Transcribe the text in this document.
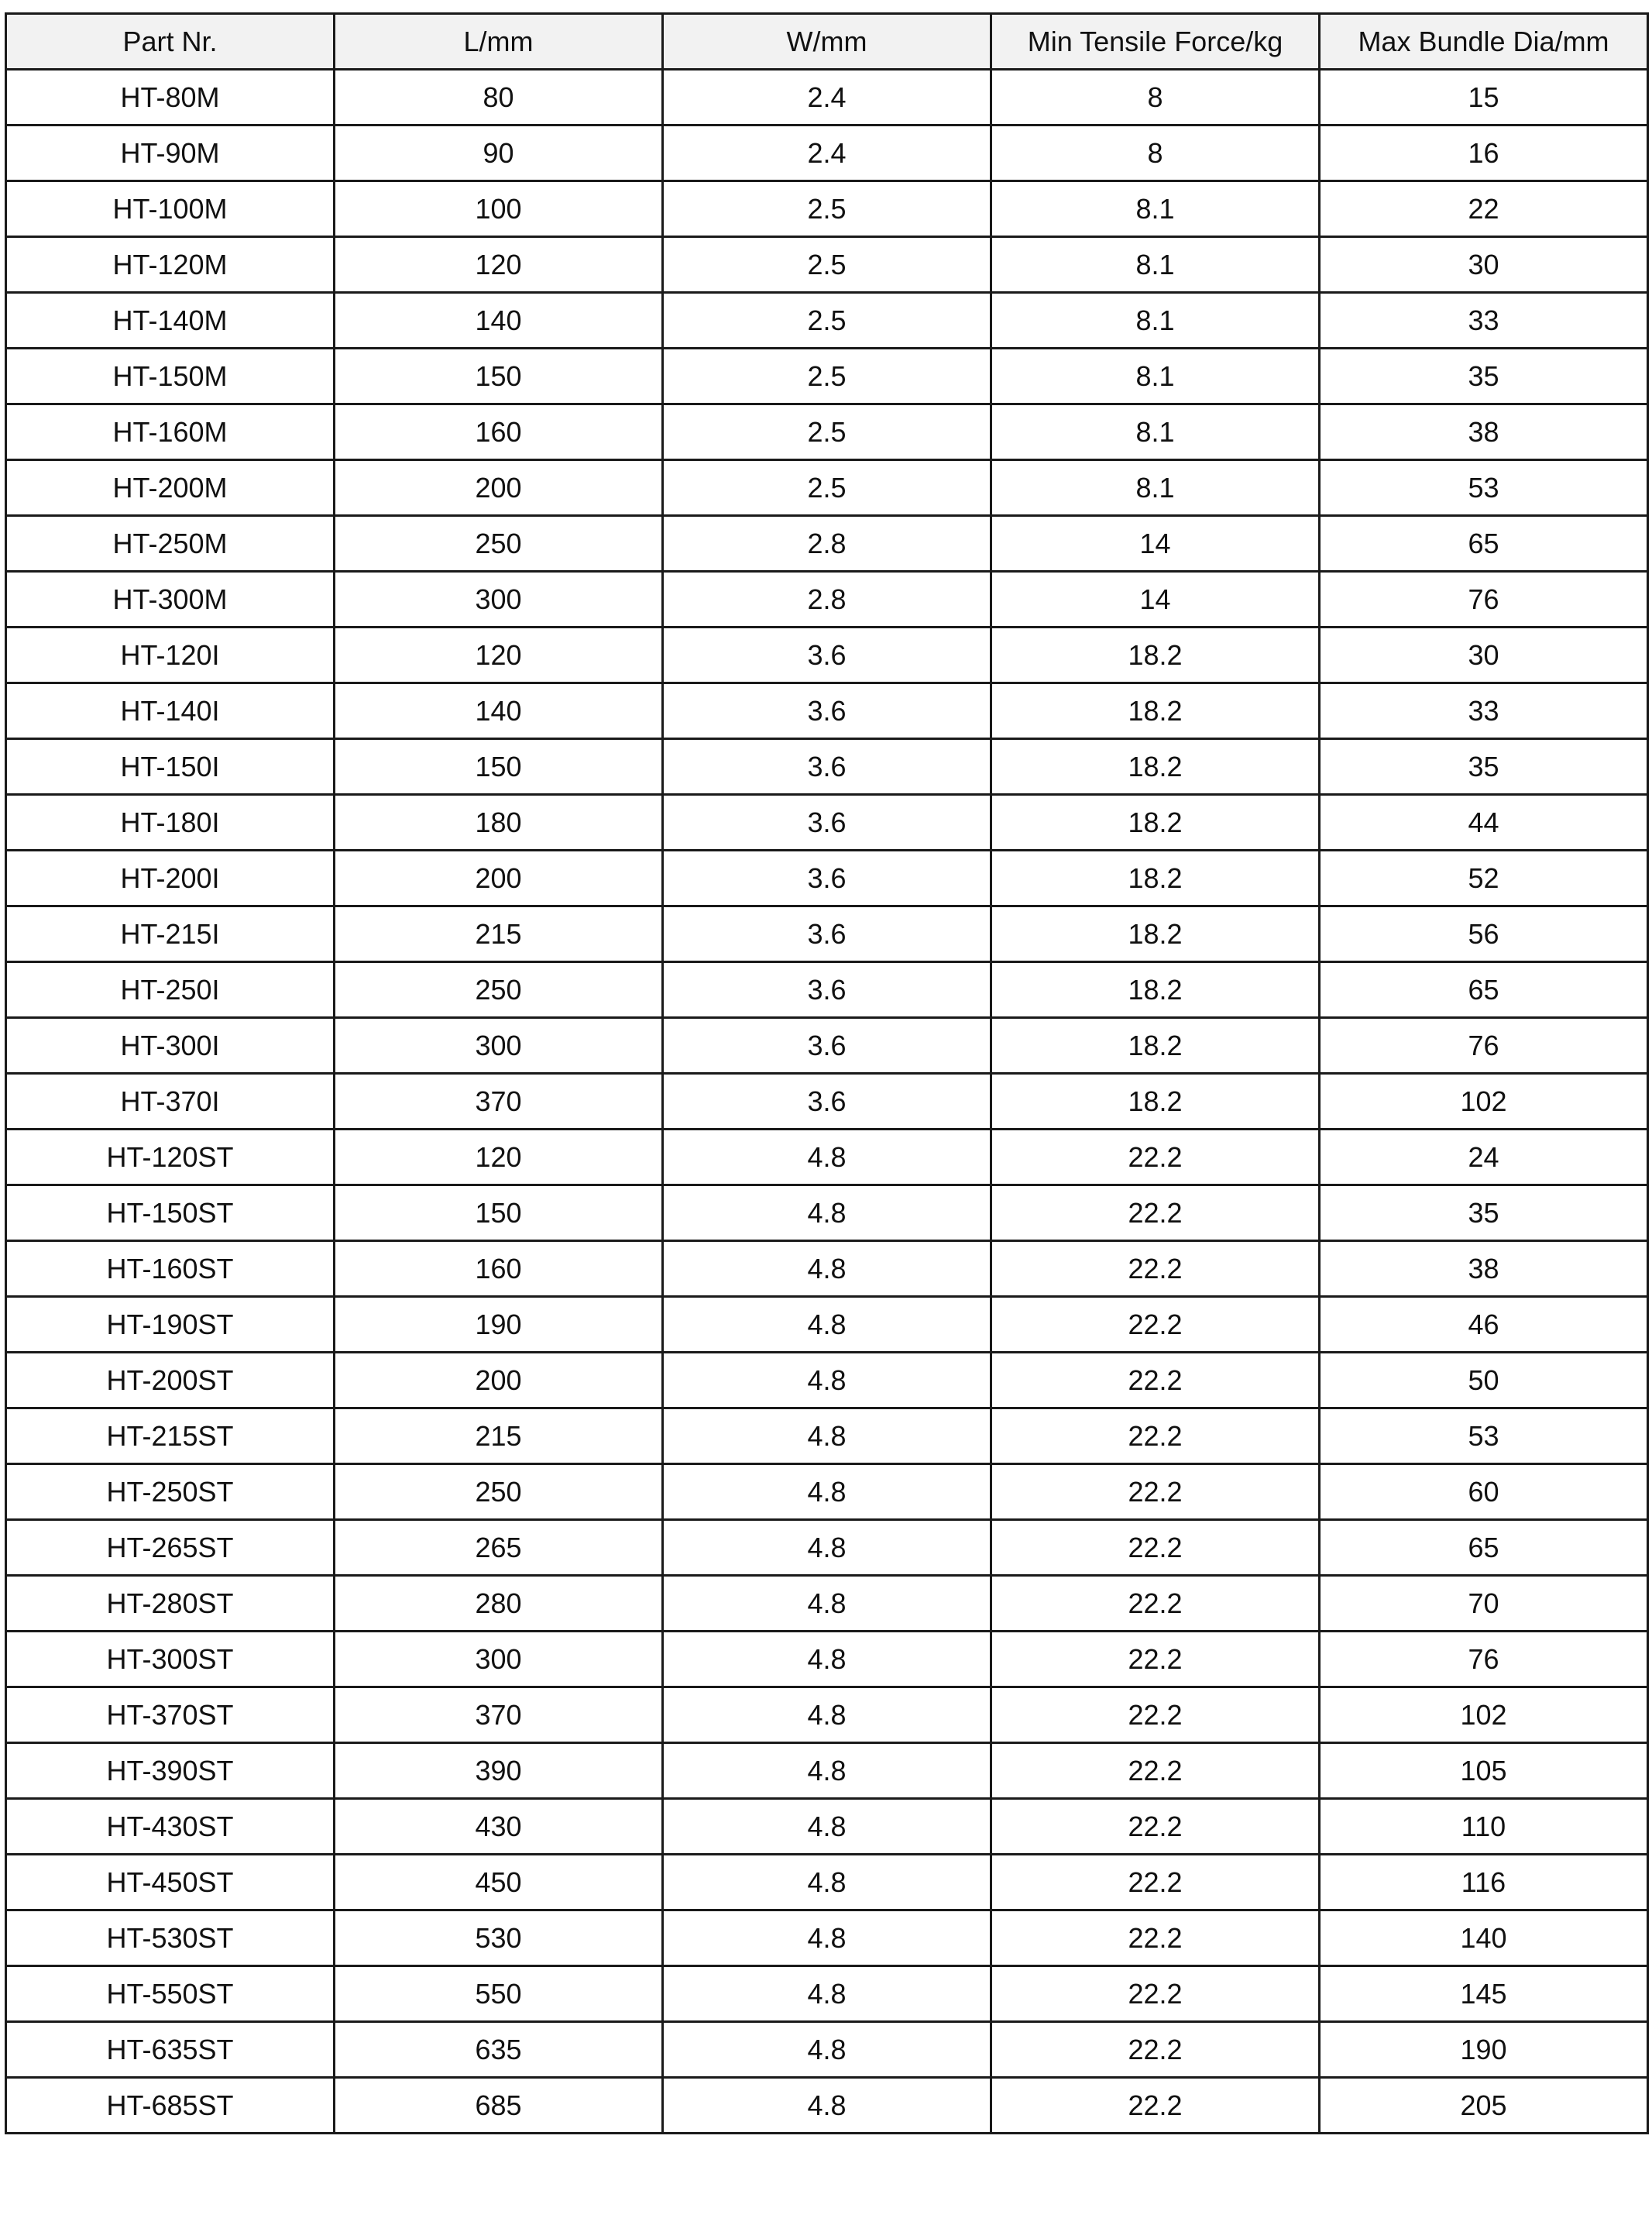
Part Nr.	L/mm	W/mm	Min Tensile Force/kg	Max Bundle Dia/mm
HT-80M	80	2.4	8	15
HT-90M	90	2.4	8	16
HT-100M	100	2.5	8.1	22
HT-120M	120	2.5	8.1	30
HT-140M	140	2.5	8.1	33
HT-150M	150	2.5	8.1	35
HT-160M	160	2.5	8.1	38
HT-200M	200	2.5	8.1	53
HT-250M	250	2.8	14	65
HT-300M	300	2.8	14	76
HT-120I	120	3.6	18.2	30
HT-140I	140	3.6	18.2	33
HT-150I	150	3.6	18.2	35
HT-180I	180	3.6	18.2	44
HT-200I	200	3.6	18.2	52
HT-215I	215	3.6	18.2	56
HT-250I	250	3.6	18.2	65
HT-300I	300	3.6	18.2	76
HT-370I	370	3.6	18.2	102
HT-120ST	120	4.8	22.2	24
HT-150ST	150	4.8	22.2	35
HT-160ST	160	4.8	22.2	38
HT-190ST	190	4.8	22.2	46
HT-200ST	200	4.8	22.2	50
HT-215ST	215	4.8	22.2	53
HT-250ST	250	4.8	22.2	60
HT-265ST	265	4.8	22.2	65
HT-280ST	280	4.8	22.2	70
HT-300ST	300	4.8	22.2	76
HT-370ST	370	4.8	22.2	102
HT-390ST	390	4.8	22.2	105
HT-430ST	430	4.8	22.2	110
HT-450ST	450	4.8	22.2	116
HT-530ST	530	4.8	22.2	140
HT-550ST	550	4.8	22.2	145
HT-635ST	635	4.8	22.2	190
HT-685ST	685	4.8	22.2	205
